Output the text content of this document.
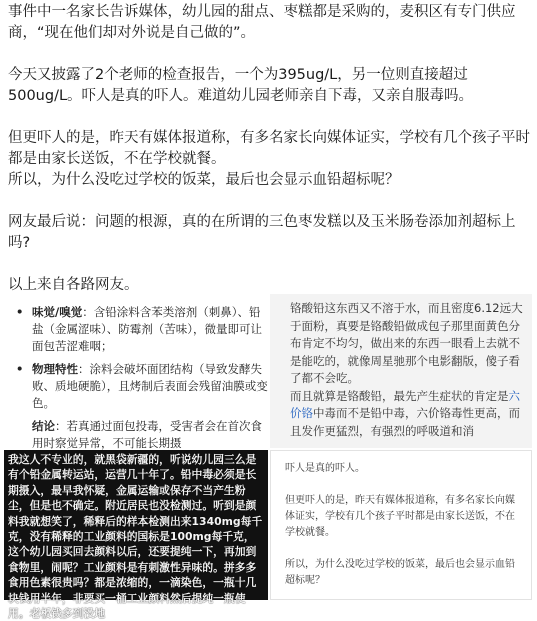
事件中一名家长告诉媒体，幼儿园的甜点、枣糕都是采购的，麦积区有专门供应商，“现在他们却对外说是自己做的”。

今天又披露了2个老师的检查报告，一个为395ug/L，另一位则直接超过500ug/L。吓人是真的吓人。难道幼儿园老师亲自下毒，又亲自服毒吗。

但更吓人的是，昨天有媒体报道称，有多名家长向媒体证实，学校有几个孩子平时都是由家长送饭，不在学校就餐。
所以，为什么没吃过学校的饭菜，最后也会显示血铅超标呢？

网友最后说：问题的根源，真的在所谓的三色枣发糕以及玉米肠卷添加剂超标上吗?

以上来自各路网友。

• 味觉/嗅觉：含铅涂料含苯类溶剂（刺鼻）、铅盐（金属涩味）、防霉剂（苦味），微量即可让面包苦涩难咽；
• 物理特性：涂料会破坏面团结构（导致发酵失败、质地硬脆），且烤制后表面会残留油膜或变色。
结论：若真通过面包投毒，受害者会在首次食用时察觉异常，不可能长期摄
铬酸铅这东西又不溶于水，而且密度6.12远大于面粉，真要是铬酸铅做成包子那里面黄色分布肯定不均匀，做出来的东西一眼看上去就不是能吃的，就像周星驰那个电影翻版，傻子看了都不会吃。
而且就算是铬酸铅，最先产生症状的肯定是六价铬中毒而不是铅中毒，六价铬毒性更高，而且发作更猛烈，有强烈的呼吸道和消
我这人不专业的，就黑袋新疆的，听说幼儿园三么是有个铅金属转运站，运营几十年了。铅中毒必须是长期摄入，最早我怀疑，金属运输或保存不当产生粉尘，但是也不确定。附近居民也没检测过。听到是颜料我就想笑了，稀释后的样本检测出来1340mg每千克，没有稀释的工业颜料的国标是100mg每千克，这个幼儿园买回去颜料以后，还要提纯一下，再加到食物里，闹呢？工业颜料是有刺激性异味的。拼多多食用色素很贵吗？都是浓缩的，一滴染色，一瓶十几块钱用半年，非要买一桶工业颜料然后提纯一瓶使用。老板钱多到没地

吓人是真的吓人。

但更吓人的是，昨天有媒体报道称，有多名家长向媒体证实，学校有几个孩子平时都是由家长送饭，不在学校就餐。

所以，为什么没吃过学校的饭菜，最后也会显示血铅超标呢？
